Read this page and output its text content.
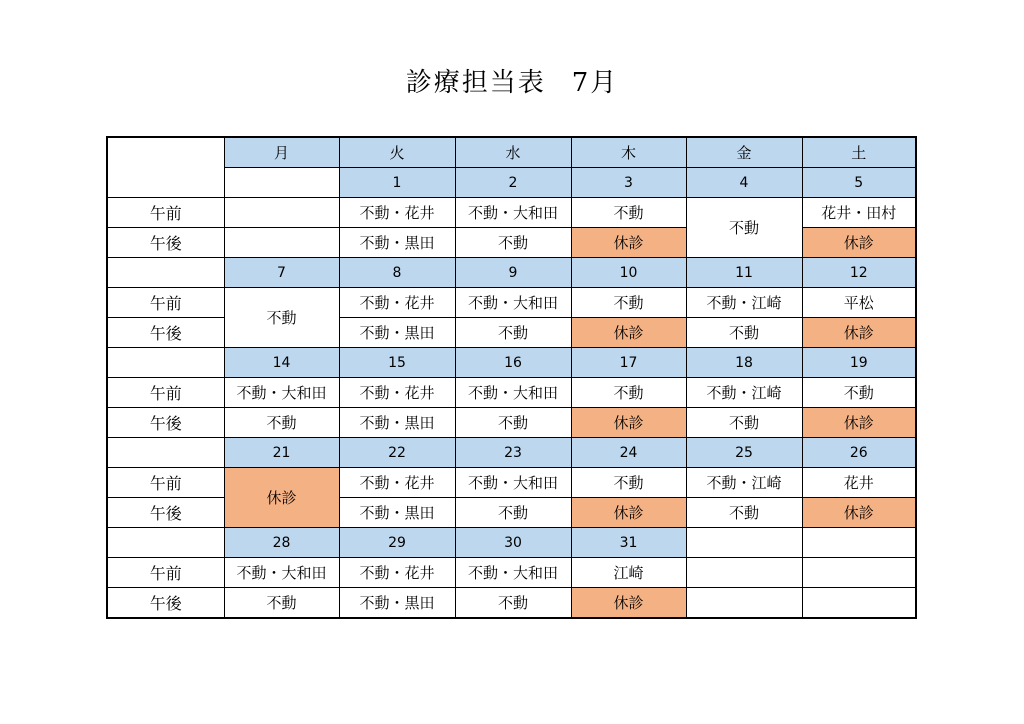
診療担当表 7月
	月	火	水	木	金	土
		1	2	3	4	5
午前		不動・花井	不動・大和田	不動	不動	花井・田村
午後		不動・黒田	不動	休診		休診
	7	8	9	10	11	12
午前	不動	不動・花井	不動・大和田	不動	不動・江崎	平松
午後		不動・黒田	不動	休診	不動	休診
	14	15	16	17	18	19
午前	不動・大和田	不動・花井	不動・大和田	不動	不動・江崎	不動
午後	不動	不動・黒田	不動	休診	不動	休診
	21	22	23	24	25	26
午前	休診	不動・花井	不動・大和田	不動	不動・江崎	花井
午後		不動・黒田	不動	休診	不動	休診
	28	29	30	31		
午前	不動・大和田	不動・花井	不動・大和田	江崎		
午後	不動	不動・黒田	不動	休診		
